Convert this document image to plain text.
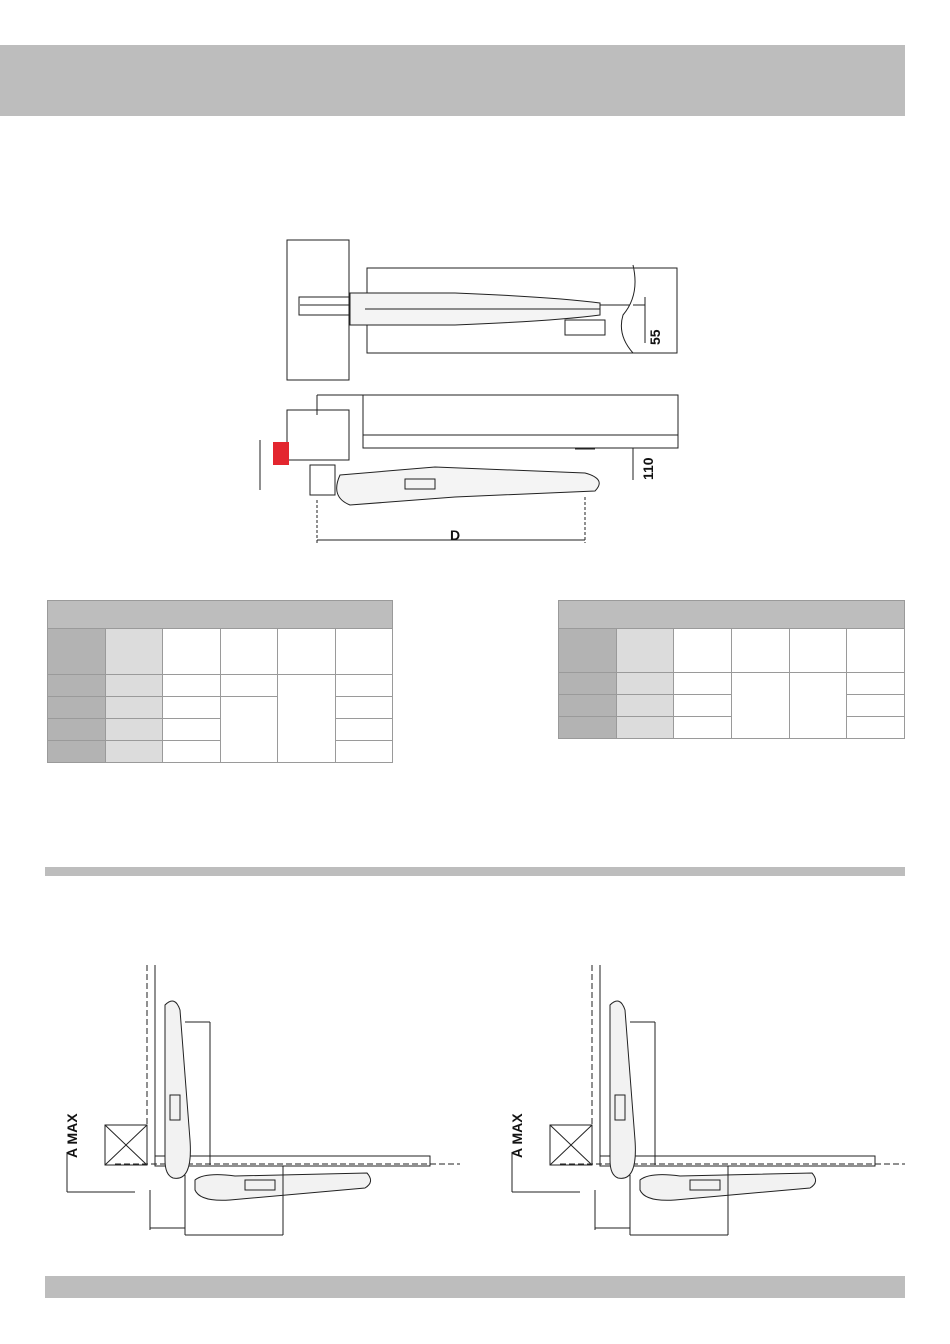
55
110
D

A MAX	A MAX
